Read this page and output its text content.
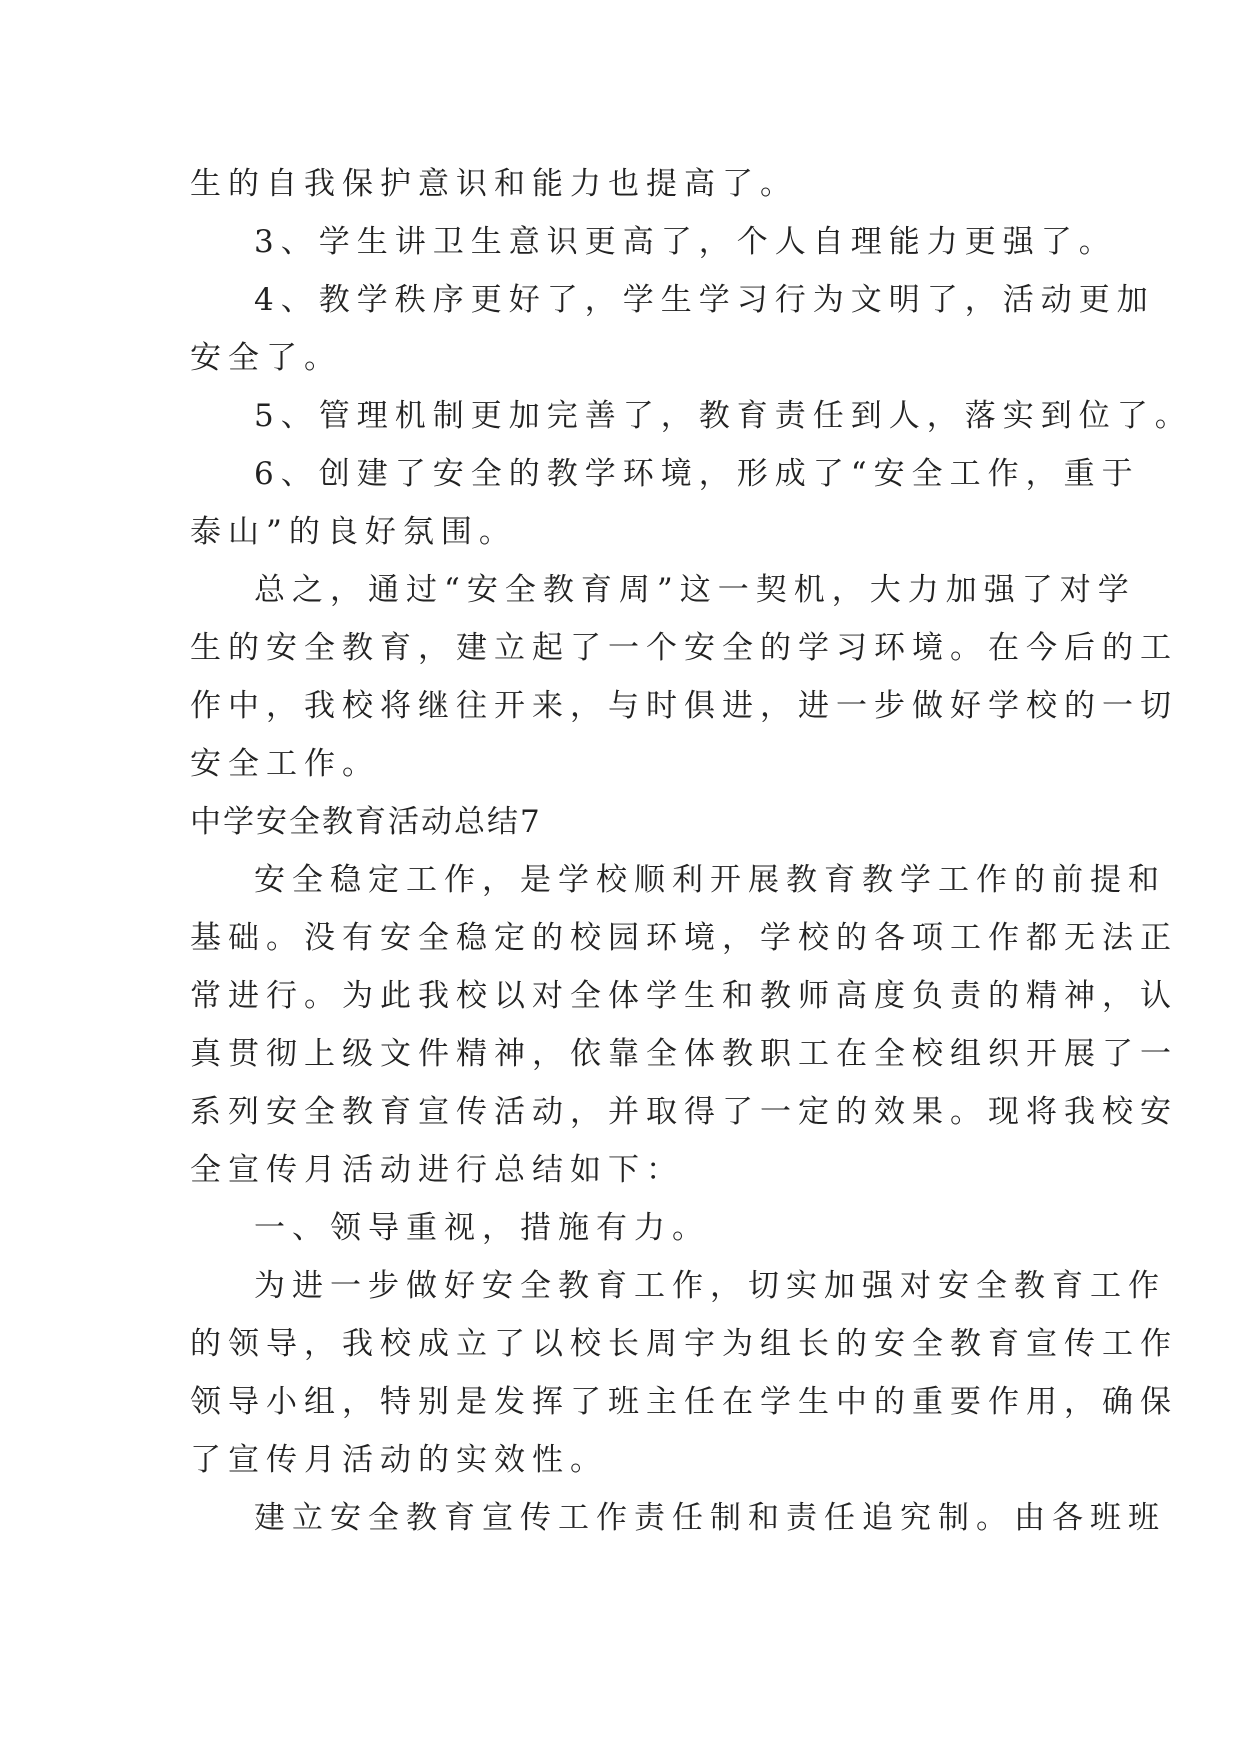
生的自我保护意识和能力也提高了。
3、学生讲卫生意识更高了，个人自理能力更强了。
4、教学秩序更好了，学生学习行为文明了，活动更加
安全了。
5、管理机制更加完善了，教育责任到人，落实到位了。
6、创建了安全的教学环境，形成了“安全工作，重于
泰山”的良好氛围。
总之，通过“安全教育周”这一契机，大力加强了对学
生的安全教育，建立起了一个安全的学习环境。在今后的工
作中，我校将继往开来，与时俱进，进一步做好学校的一切
安全工作。
中学安全教育活动总结7
安全稳定工作，是学校顺利开展教育教学工作的前提和
基础。没有安全稳定的校园环境，学校的各项工作都无法正
常进行。为此我校以对全体学生和教师高度负责的精神，认
真贯彻上级文件精神，依靠全体教职工在全校组织开展了一
系列安全教育宣传活动，并取得了一定的效果。现将我校安
全宣传月活动进行总结如下：
一、领导重视，措施有力。
为进一步做好安全教育工作，切实加强对安全教育工作
的领导，我校成立了以校长周宇为组长的安全教育宣传工作
领导小组，特别是发挥了班主任在学生中的重要作用，确保
了宣传月活动的实效性。
建立安全教育宣传工作责任制和责任追究制。由各班班
